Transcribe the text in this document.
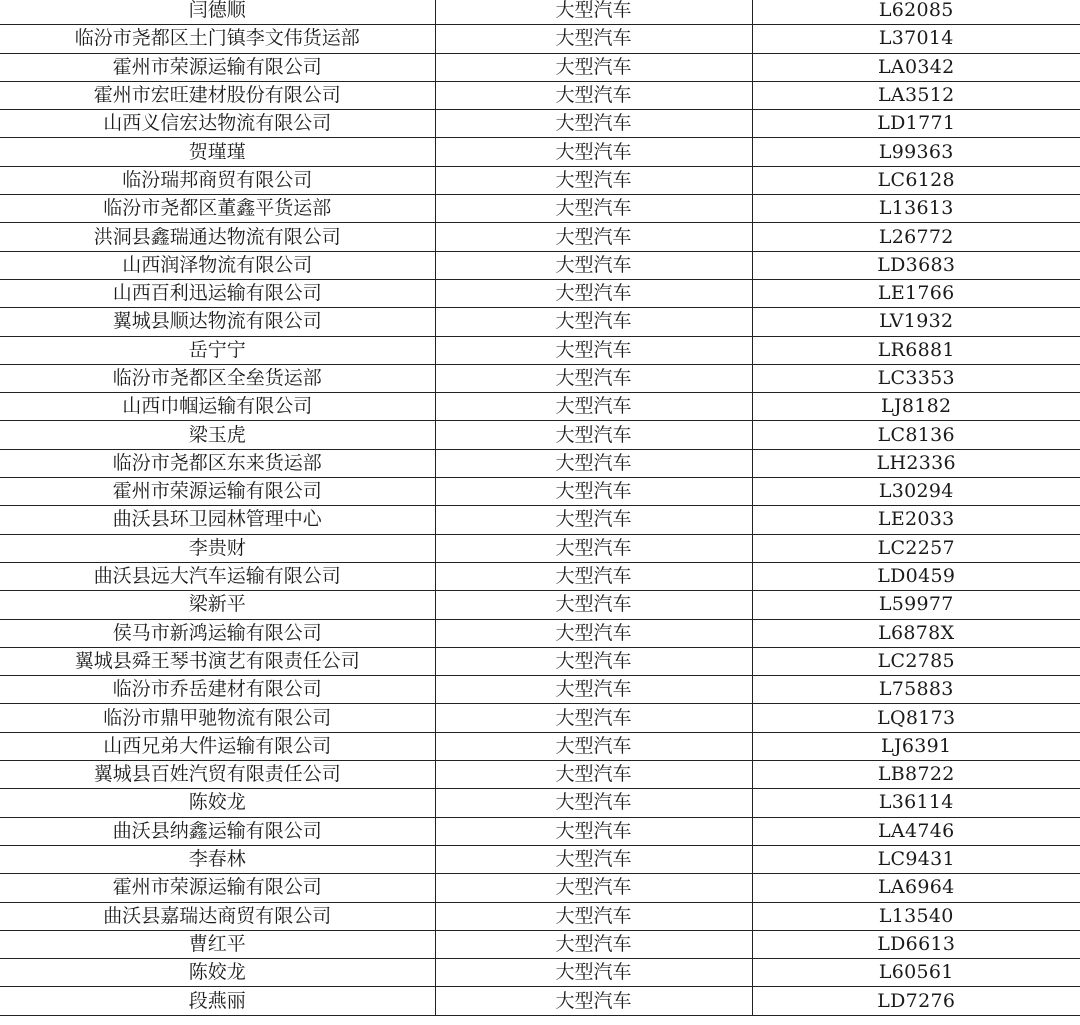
闫德顺	大型汽车	L62085
临汾市尧都区土门镇李文伟货运部	大型汽车	L37014
霍州市荣源运输有限公司	大型汽车	LA0342
霍州市宏旺建材股份有限公司	大型汽车	LA3512
山西义信宏达物流有限公司	大型汽车	LD1771
贺瑾瑾	大型汽车	L99363
临汾瑞邦商贸有限公司	大型汽车	LC6128
临汾市尧都区董鑫平货运部	大型汽车	L13613
洪洞县鑫瑞通达物流有限公司	大型汽车	L26772
山西润泽物流有限公司	大型汽车	LD3683
山西百利迅运输有限公司	大型汽车	LE1766
翼城县顺达物流有限公司	大型汽车	LV1932
岳宁宁	大型汽车	LR6881
临汾市尧都区全垒货运部	大型汽车	LC3353
山西巾帼运输有限公司	大型汽车	LJ8182
梁玉虎	大型汽车	LC8136
临汾市尧都区东来货运部	大型汽车	LH2336
霍州市荣源运输有限公司	大型汽车	L30294
曲沃县环卫园林管理中心	大型汽车	LE2033
李贵财	大型汽车	LC2257
曲沃县远大汽车运输有限公司	大型汽车	LD0459
梁新平	大型汽车	L59977
侯马市新鸿运输有限公司	大型汽车	L6878X
翼城县舜王琴书演艺有限责任公司	大型汽车	LC2785
临汾市乔岳建材有限公司	大型汽车	L75883
临汾市鼎甲驰物流有限公司	大型汽车	LQ8173
山西兄弟大件运输有限公司	大型汽车	LJ6391
翼城县百姓汽贸有限责任公司	大型汽车	LB8722
陈姣龙	大型汽车	L36114
曲沃县纳鑫运输有限公司	大型汽车	LA4746
李春林	大型汽车	LC9431
霍州市荣源运输有限公司	大型汽车	LA6964
曲沃县嘉瑞达商贸有限公司	大型汽车	L13540
曹红平	大型汽车	LD6613
陈姣龙	大型汽车	L60561
段燕丽	大型汽车	LD7276
